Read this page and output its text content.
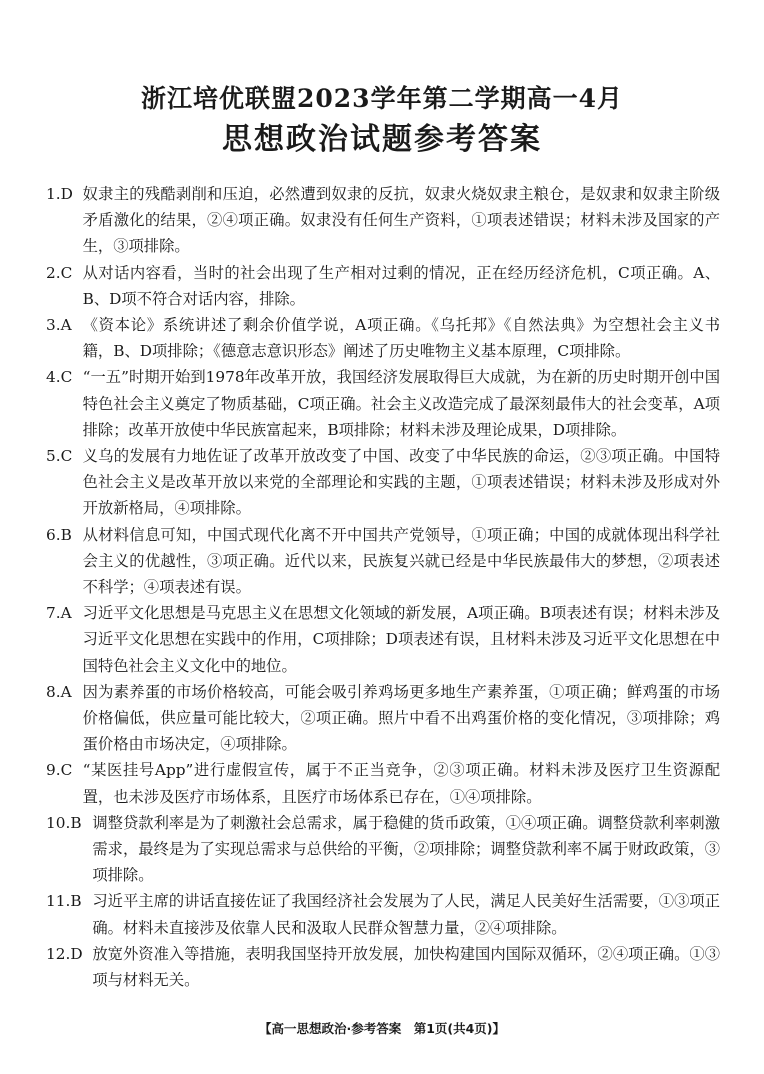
浙江培优联盟2023学年第二学期高一4月
思想政治试题参考答案
1.D 奴隶主的残酷剥削和压迫，必然遭到奴隶的反抗，奴隶火烧奴隶主粮仓，是奴隶和奴隶主阶级矛盾激化的结果，②④项正确。奴隶没有任何生产资料，①项表述错误；材料未涉及国家的产生，③项排除。
2.C 从对话内容看，当时的社会出现了生产相对过剩的情况，正在经历经济危机，C项正确。A、B、D项不符合对话内容，排除。
3.A 《资本论》系统讲述了剩余价值学说，A项正确。《乌托邦》《自然法典》为空想社会主义书籍，B、D项排除；《德意志意识形态》阐述了历史唯物主义基本原理，C项排除。
4.C “一五”时期开始到1978年改革开放，我国经济发展取得巨大成就，为在新的历史时期开创中国特色社会主义奠定了物质基础，C项正确。社会主义改造完成了最深刻最伟大的社会变革，A项排除；改革开放使中华民族富起来，B项排除；材料未涉及理论成果，D项排除。
5.C 义乌的发展有力地佐证了改革开放改变了中国、改变了中华民族的命运，②③项正确。中国特色社会主义是改革开放以来党的全部理论和实践的主题，①项表述错误；材料未涉及形成对外开放新格局，④项排除。
6.B 从材料信息可知，中国式现代化离不开中国共产党领导，①项正确；中国的成就体现出科学社会主义的优越性，③项正确。近代以来，民族复兴就已经是中华民族最伟大的梦想，②项表述不科学；④项表述有误。
7.A 习近平文化思想是马克思主义在思想文化领域的新发展，A项正确。B项表述有误；材料未涉及习近平文化思想在实践中的作用，C项排除；D项表述有误，且材料未涉及习近平文化思想在中国特色社会主义文化中的地位。
8.A 因为素养蛋的市场价格较高，可能会吸引养鸡场更多地生产素养蛋，①项正确；鲜鸡蛋的市场价格偏低，供应量可能比较大，②项正确。照片中看不出鸡蛋价格的变化情况，③项排除；鸡蛋价格由市场决定，④项排除。
9.C “某医挂号App”进行虚假宣传，属于不正当竞争，②③项正确。材料未涉及医疗卫生资源配置，也未涉及医疗市场体系，且医疗市场体系已存在，①④项排除。
10.B 调整贷款利率是为了刺激社会总需求，属于稳健的货币政策，①④项正确。调整贷款利率刺激需求，最终是为了实现总需求与总供给的平衡，②项排除；调整贷款利率不属于财政政策，③项排除。
11.B 习近平主席的讲话直接佐证了我国经济社会发展为了人民，满足人民美好生活需要，①③项正确。材料未直接涉及依靠人民和汲取人民群众智慧力量，②④项排除。
12.D 放宽外资准入等措施，表明我国坚持开放发展，加快构建国内国际双循环，②④项正确。①③项与材料无关。
【高一思想政治·参考答案　第1页(共4页)】
